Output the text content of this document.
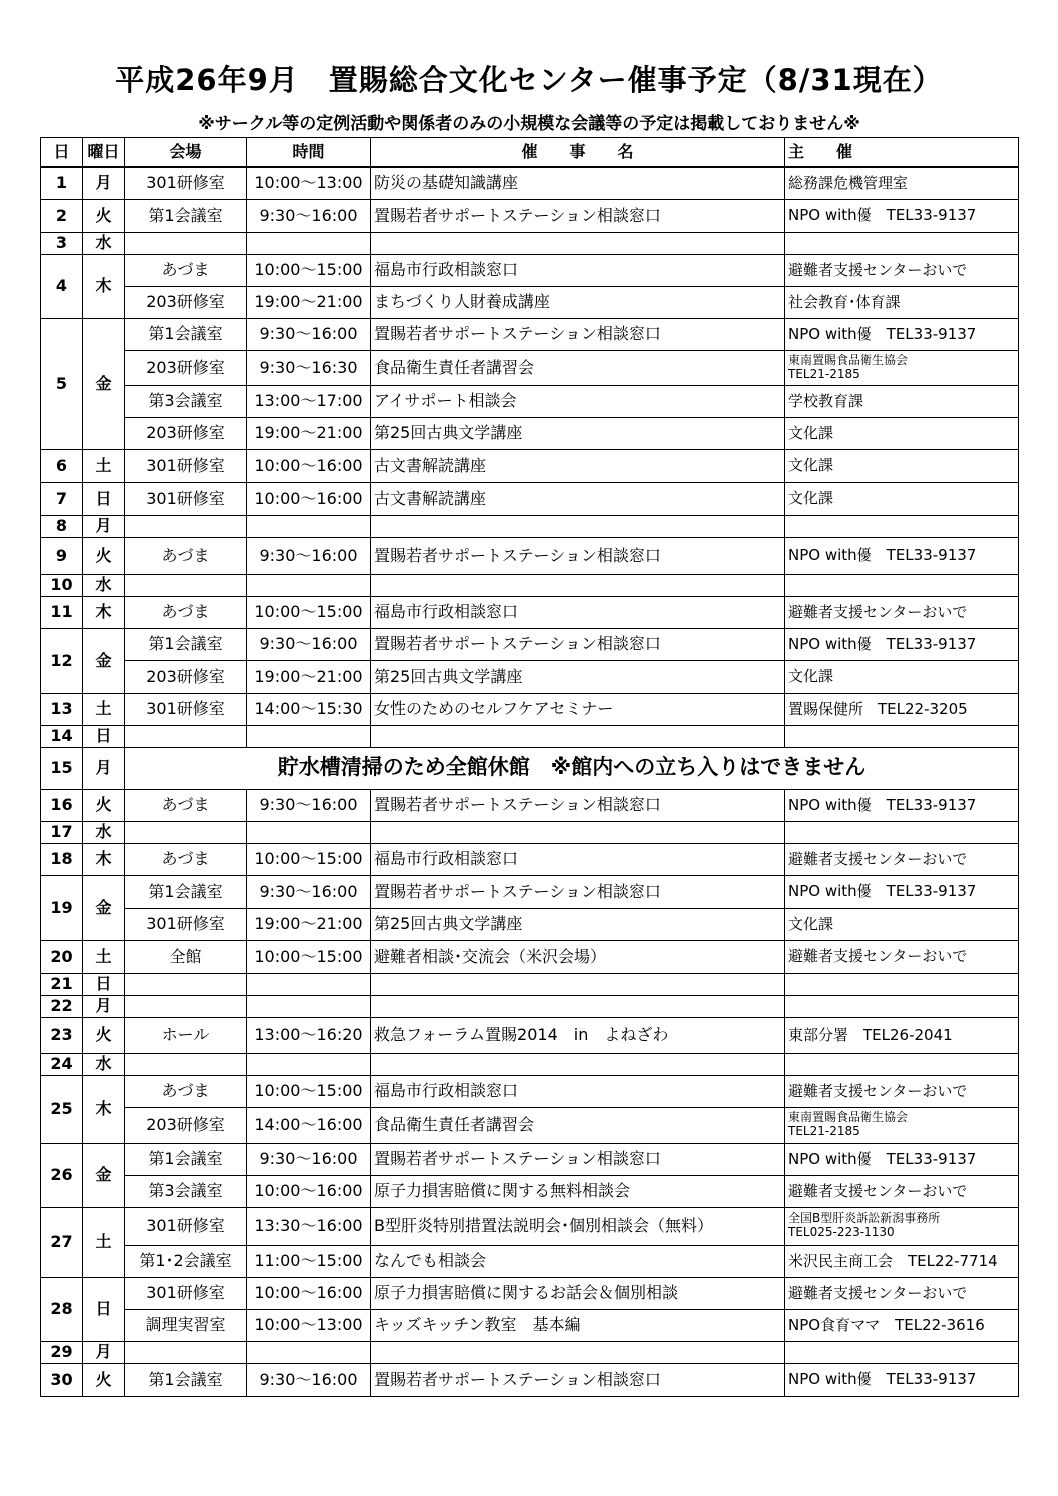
平成26年9月　置賜総合文化センター催事予定（8/31現在）
※サークル等の定例活動や関係者のみの小規模な会議等の予定は掲載しておりません※
日	曜日	会場	時間	催　　事　　名	主　　催
1	月	301研修室	10:00～13:00	防災の基礎知識講座	総務課危機管理室
2	火	第1会議室	9:30～16:00	置賜若者サポートステーション相談窓口	NPO with優　TEL33-9137
3	水				
4	木	あづま	10:00～15:00	福島市行政相談窓口	避難者支援センターおいで
		203研修室	19:00～21:00	まちづくり人財養成講座	社会教育･体育課
5	金	第1会議室	9:30～16:00	置賜若者サポートステーション相談窓口	NPO with優　TEL33-9137
		203研修室	9:30～16:30	食品衛生責任者講習会	東南置賜食品衛生協会
TEL21-2185

		第3会議室	13:00～17:00	アイサポート相談会	学校教育課
		203研修室	19:00～21:00	第25回古典文学講座	文化課
6	土	301研修室	10:00～16:00	古文書解読講座	文化課
7	日	301研修室	10:00～16:00	古文書解読講座	文化課
8	月				
9	火	あづま	9:30～16:00	置賜若者サポートステーション相談窓口	NPO with優　TEL33-9137
10	水				
11	木	あづま	10:00～15:00	福島市行政相談窓口	避難者支援センターおいで
12	金	第1会議室	9:30～16:00	置賜若者サポートステーション相談窓口	NPO with優　TEL33-9137
		203研修室	19:00～21:00	第25回古典文学講座	文化課
13	土	301研修室	14:00～15:30	女性のためのセルフケアセミナー	置賜保健所　TEL22-3205
14	日				
15	月	貯水槽清掃のため全館休館　※館内への立ち入りはできません			
16	火	あづま	9:30～16:00	置賜若者サポートステーション相談窓口	NPO with優　TEL33-9137
17	水				
18	木	あづま	10:00～15:00	福島市行政相談窓口	避難者支援センターおいで
19	金	第1会議室	9:30～16:00	置賜若者サポートステーション相談窓口	NPO with優　TEL33-9137
		301研修室	19:00～21:00	第25回古典文学講座	文化課
20	土	全館	10:00～15:00	避難者相談･交流会（米沢会場）	避難者支援センターおいで
21	日				
22	月				
23	火	ホール	13:00～16:20	救急フォーラム置賜2014　in　よねざわ	東部分署　TEL26-2041
24	水				
25	木	あづま	10:00～15:00	福島市行政相談窓口	避難者支援センターおいで
		203研修室	14:00～16:00	食品衛生責任者講習会	東南置賜食品衛生協会
TEL21-2185

26	金	第1会議室	9:30～16:00	置賜若者サポートステーション相談窓口	NPO with優　TEL33-9137
		第3会議室	10:00～16:00	原子力損害賠償に関する無料相談会	避難者支援センターおいで
27	土	301研修室	13:30～16:00	B型肝炎特別措置法説明会･個別相談会（無料）	全国B型肝炎訴訟新潟事務所
TEL025-223-1130

		第1･2会議室	11:00～15:00	なんでも相談会	米沢民主商工会　TEL22-7714
28	日	301研修室	10:00～16:00	原子力損害賠償に関するお話会＆個別相談	避難者支援センターおいで
		調理実習室	10:00～13:00	キッズキッチン教室　基本編	NPO食育ママ　TEL22-3616
29	月				
30	火	第1会議室	9:30～16:00	置賜若者サポートステーション相談窓口	NPO with優　TEL33-9137
